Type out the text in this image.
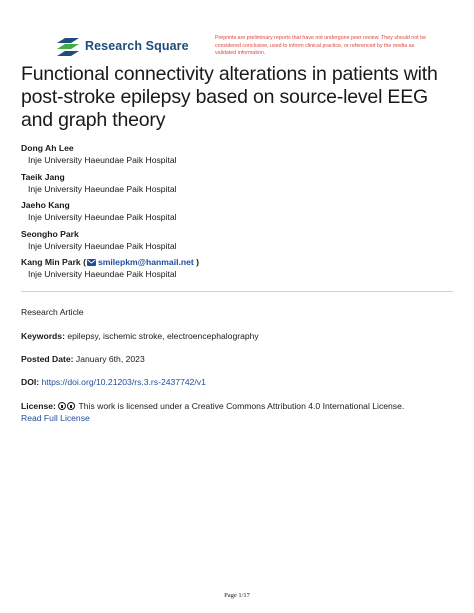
Research Square
Preprints are preliminary reports that have not undergone peer review. They should not be considered conclusive, used to inform clinical practice, or referenced by the media as validated information.
Functional connectivity alterations in patients with post-stroke epilepsy based on source-level EEG and graph theory
Dong Ah Lee
Inje University Haeundae Paik Hospital
Taeik Jang
Inje University Haeundae Paik Hospital
Jaeho Kang
Inje University Haeundae Paik Hospital
Seongho Park
Inje University Haeundae Paik Hospital
Kang Min Park ( smilepkm@hanmail.net )
Inje University Haeundae Paik Hospital
Research Article
Keywords: epilepsy, ischemic stroke, electroencephalography
Posted Date: January 6th, 2023
DOI: https://doi.org/10.21203/rs.3.rs-2437742/v1
License:	This work is licensed under a Creative Commons Attribution 4.0 International License.
Read Full License
Page 1/17
